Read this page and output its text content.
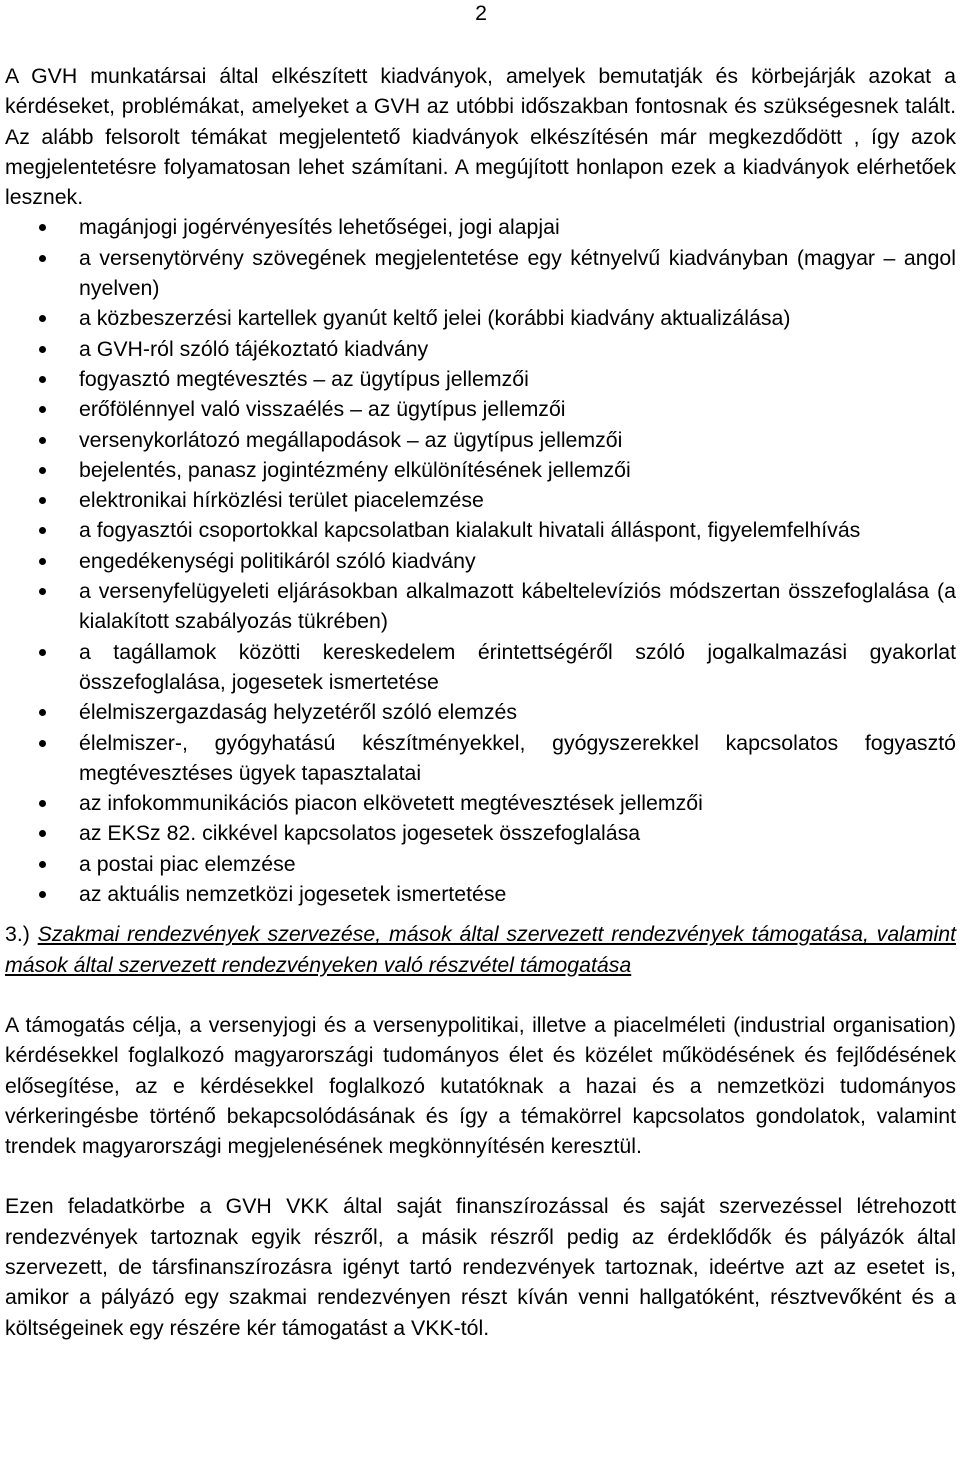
2

A GVH munkatársai által elkészített kiadványok, amelyek bemutatják és körbejárják azokat a kérdéseket, problémákat, amelyeket a GVH az utóbbi időszakban fontosnak és szükségesnek talált. Az alább felsorolt témákat megjelentető kiadványok elkészítésén már megkezdődött , így azok megjelentetésre folyamatosan lehet számítani. A megújított honlapon ezek a kiadványok elérhetőek lesznek.

magánjogi jogérvényesítés lehetőségei, jogi alapjai
a versenytörvény szövegének megjelentetése egy kétnyelvű kiadványban (magyar – angol nyelven)
a közbeszerzési kartellek gyanút keltő jelei (korábbi kiadvány aktualizálása)
a GVH-ról szóló tájékoztató kiadvány
fogyasztó megtévesztés – az ügytípus jellemzői
erőfölénnyel való visszaélés – az ügytípus jellemzői
versenykorlátozó megállapodások – az ügytípus jellemzői
bejelentés, panasz jogintézmény elkülönítésének jellemzői
elektronikai hírközlési terület piacelemzése
a fogyasztói csoportokkal kapcsolatban kialakult hivatali álláspont, figyelemfelhívás
engedékenységi politikáról szóló kiadvány
a versenyfelügyeleti eljárásokban alkalmazott kábeltelevíziós módszertan összefoglalása (a kialakított szabályozás tükrében)
a tagállamok közötti kereskedelem érintettségéről szóló jogalkalmazási gyakorlat összefoglalása, jogesetek ismertetése
élelmiszergazdaság helyzetéről szóló elemzés
élelmiszer-, gyógyhatású készítményekkel, gyógyszerekkel kapcsolatos fogyasztó megtévesztéses ügyek tapasztalatai
az infokommunikációs piacon elkövetett megtévesztések jellemzői
az EKSz 82. cikkével kapcsolatos jogesetek összefoglalása
a postai piac elemzése
az aktuális nemzetközi jogesetek ismertetése

3.) Szakmai rendezvények szervezése, mások által szervezett rendezvények támogatása, valamint mások által szervezett rendezvényeken való részvétel támogatása

A támogatás célja, a versenyjogi és a versenypolitikai, illetve a piacelméleti (industrial organisation) kérdésekkel foglalkozó magyarországi tudományos élet és közélet működésének és fejlődésének elősegítése, az e kérdésekkel foglalkozó kutatóknak a hazai és a nemzetközi tudományos vérkeringésbe történő bekapcsolódásának és így a témakörrel kapcsolatos gondolatok, valamint trendek magyarországi megjelenésének megkönnyítésén keresztül.

Ezen feladatkörbe a GVH VKK által saját finanszírozással és saját szervezéssel létrehozott rendezvények tartoznak egyik részről, a másik részről pedig az érdeklődők és pályázók által szervezett, de társfinanszírozásra igényt tartó rendezvények tartoznak, ideértve azt az esetet is, amikor a pályázó egy szakmai rendezvényen részt kíván venni hallgatóként, résztvevőként és a költségeinek egy részére kér támogatást a VKK-tól.
